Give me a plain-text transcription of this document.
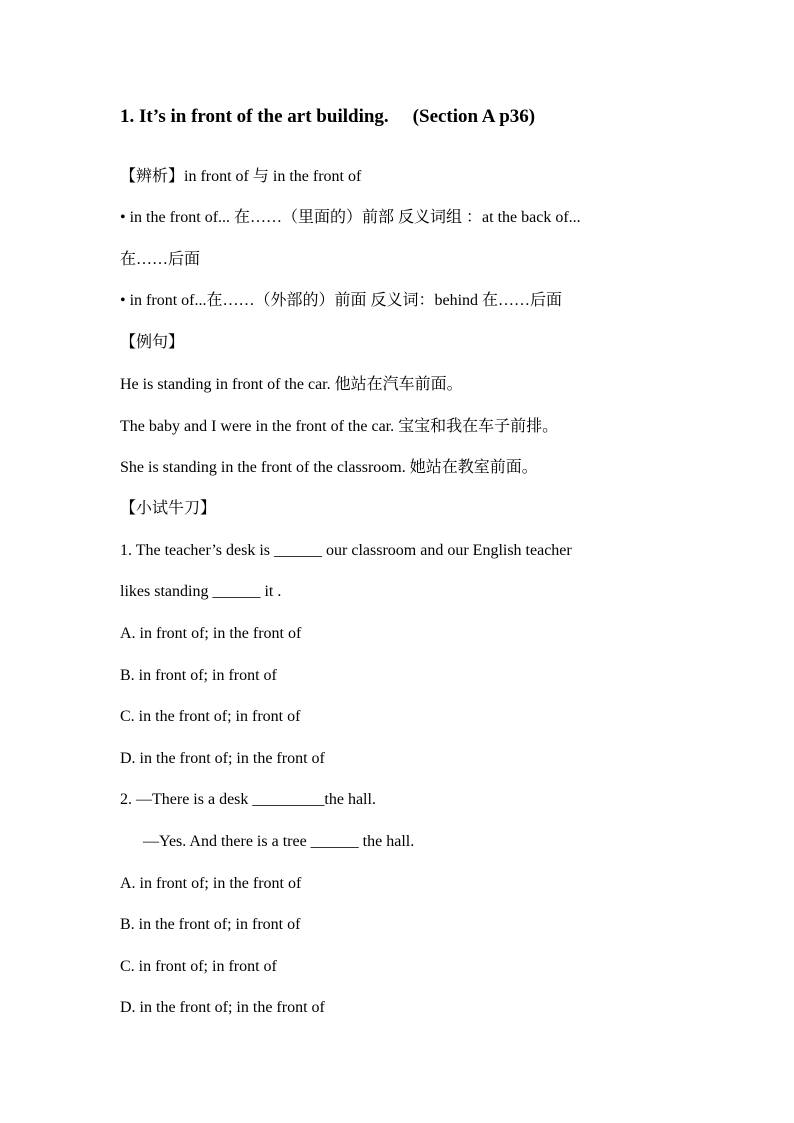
1. It’s in front of the art building. (Section A p36)
【辨析】in front of 与 in the front of
• in the front of... 在……（里面的）前部 反义词组 ：at the back of...
在……后面
• in front of...在……（外部的）前面 反义词：behind 在……后面
【例句】
He is standing in front of the car. 他站在汽车前面。
The baby and I were in the front of the car. 宝宝和我在车子前排。
She is standing in the front of the classroom. 她站在教室前面。
【小试牛刀】
1. The teacher’s desk is ______ our classroom and our English teacher
likes standing ______ it .
A. in front of; in the front of
B. in front of; in front of
C. in the front of; in front of
D. in the front of; in the front of
2. —There is a desk _________the hall.
—Yes. And there is a tree ______ the hall.
A. in front of; in the front of
B. in the front of; in front of
C. in front of; in front of
D. in the front of; in the front of
